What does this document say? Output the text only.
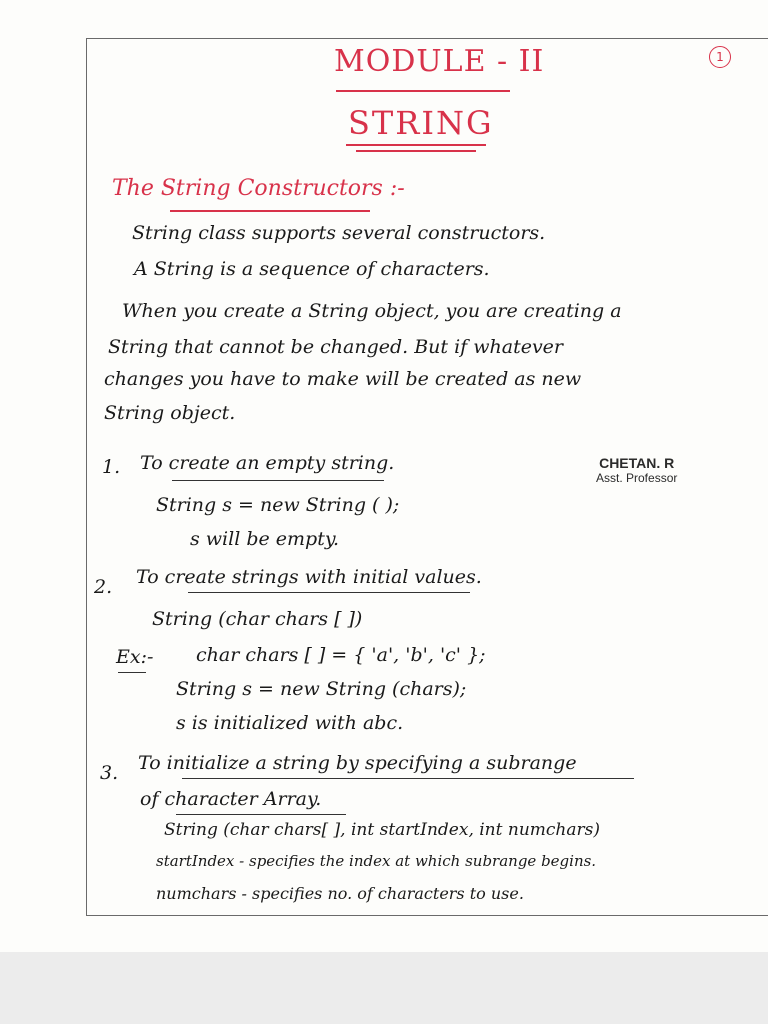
MODULE - II	1
STRING
The String Constructors :-
String class supports several constructors.
A String is a sequence of characters.
When you create a String object, you are creating a
String that cannot be changed. But if whatever
changes you have to make will be created as new
String object.
CHETAN. R
Asst. Professor
1. To create an empty string.
String s = new String ( );
s will be empty.
2. To create strings with initial values.
String (char chars [ ])
Ex:- char chars [ ] = { 'a', 'b', 'c' };
String s = new String (chars);
s is initialized with abc.
3. To initialize a string by specifying a subrange
of character Array.
String (char chars[ ], int startIndex, int numchars)
startIndex - specifies the index at which subrange begins.
numchars - specifies no. of characters to use.
